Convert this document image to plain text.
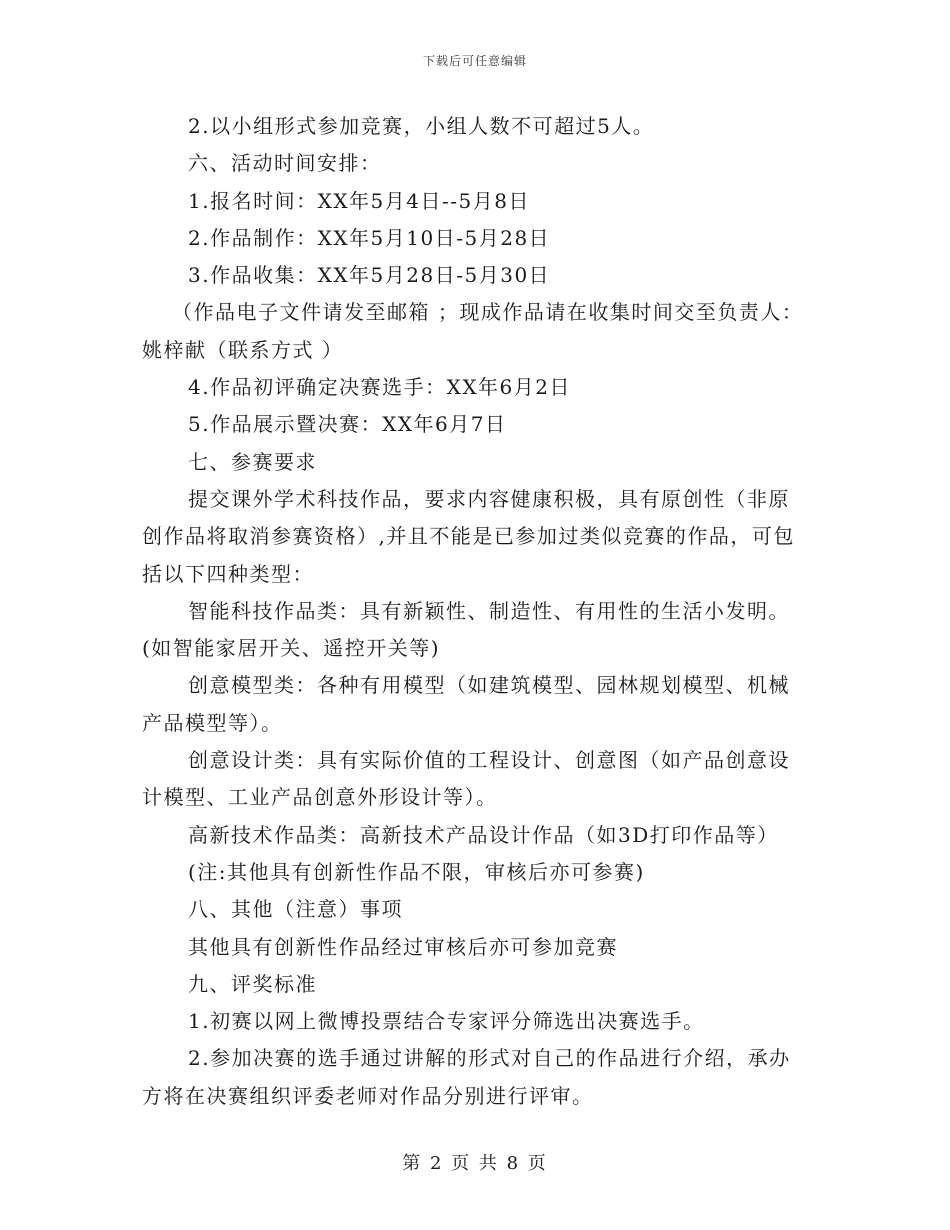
下载后可任意编辑
2.以小组形式参加竞赛，小组人数不可超过5人。
六、活动时间安排：
1.报名时间：XX年5月4日--5月8日
2.作品制作：XX年5月10日-5月28日
3.作品收集：XX年5月28日-5月30日
（作品电子文件请发至邮箱 ；现成作品请在收集时间交至负责人：
姚梓献（联系方式 ）
4.作品初评确定决赛选手：XX年6月2日
5.作品展示暨决赛：XX年6月7日
七、参赛要求
提交课外学术科技作品，要求内容健康积极，具有原创性（非原
创作品将取消参赛资格）,并且不能是已参加过类似竞赛的作品，可包
括以下四种类型：
智能科技作品类：具有新颖性、制造性、有用性的生活小发明。
(如智能家居开关、遥控开关等)
创意模型类：各种有用模型（如建筑模型、园林规划模型、机械
产品模型等）。
创意设计类：具有实际价值的工程设计、创意图（如产品创意设
计模型、工业产品创意外形设计等）。
高新技术作品类：高新技术产品设计作品（如3D打印作品等）
(注:其他具有创新性作品不限，审核后亦可参赛)
八、其他（注意）事项
其他具有创新性作品经过审核后亦可参加竞赛
九、评奖标准
1.初赛以网上微博投票结合专家评分筛选出决赛选手。
2.参加决赛的选手通过讲解的形式对自己的作品进行介绍，承办
方将在决赛组织评委老师对作品分别进行评审。
第 2 页 共 8 页
